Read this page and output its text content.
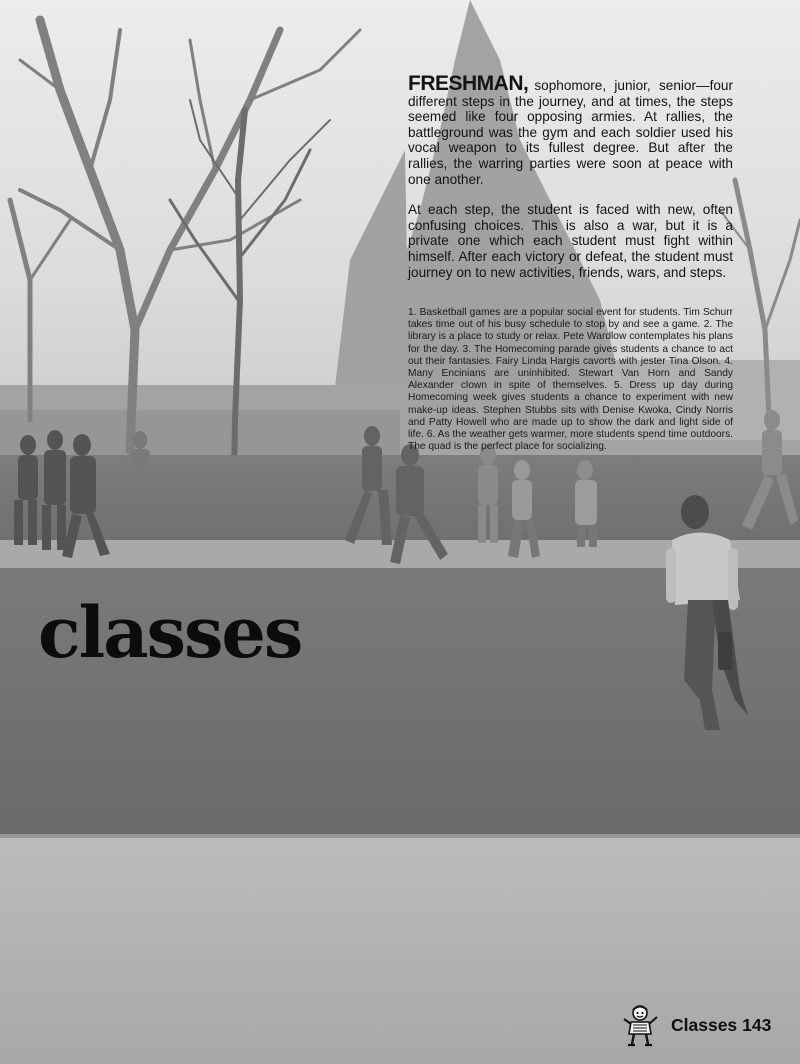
FRESHMAN, sophomore, junior, senior—four different steps in the journey, and at times, the steps seemed like four opposing armies. At rallies, the battleground was the gym and each soldier used his vocal weapon to its fullest degree. But after the rallies, the warring parties were soon at peace with one another.

At each step, the student is faced with new, often confusing choices. This is also a war, but it is a private one which each student must fight within himself. After each victory or defeat, the student must journey on to new activities, friends, wars, and steps.

1. Basketball games are a popular social event for students. Tim Schurr takes time out of his busy schedule to stop by and see a game. 2. The library is a place to study or relax. Pete Wardlow contemplates his plans for the day. 3. The Homecoming parade gives students a chance to act out their fantasies. Fairy Linda Hargis cavorts with jester Tina Olson. 4. Many Encinians are uninhibited. Stewart Van Horn and Sandy Alexander clown in spite of themselves. 5. Dress up day during Homecoming week gives students a chance to experiment with new make-up ideas. Stephen Stubbs sits with Denise Kwoka, Cindy Norris and Patty Howell who are made up to show the dark and light side of life. 6. As the weather gets warmer, more students spend time outdoors. The quad is the perfect place for socializing.
classes
Classes 143
